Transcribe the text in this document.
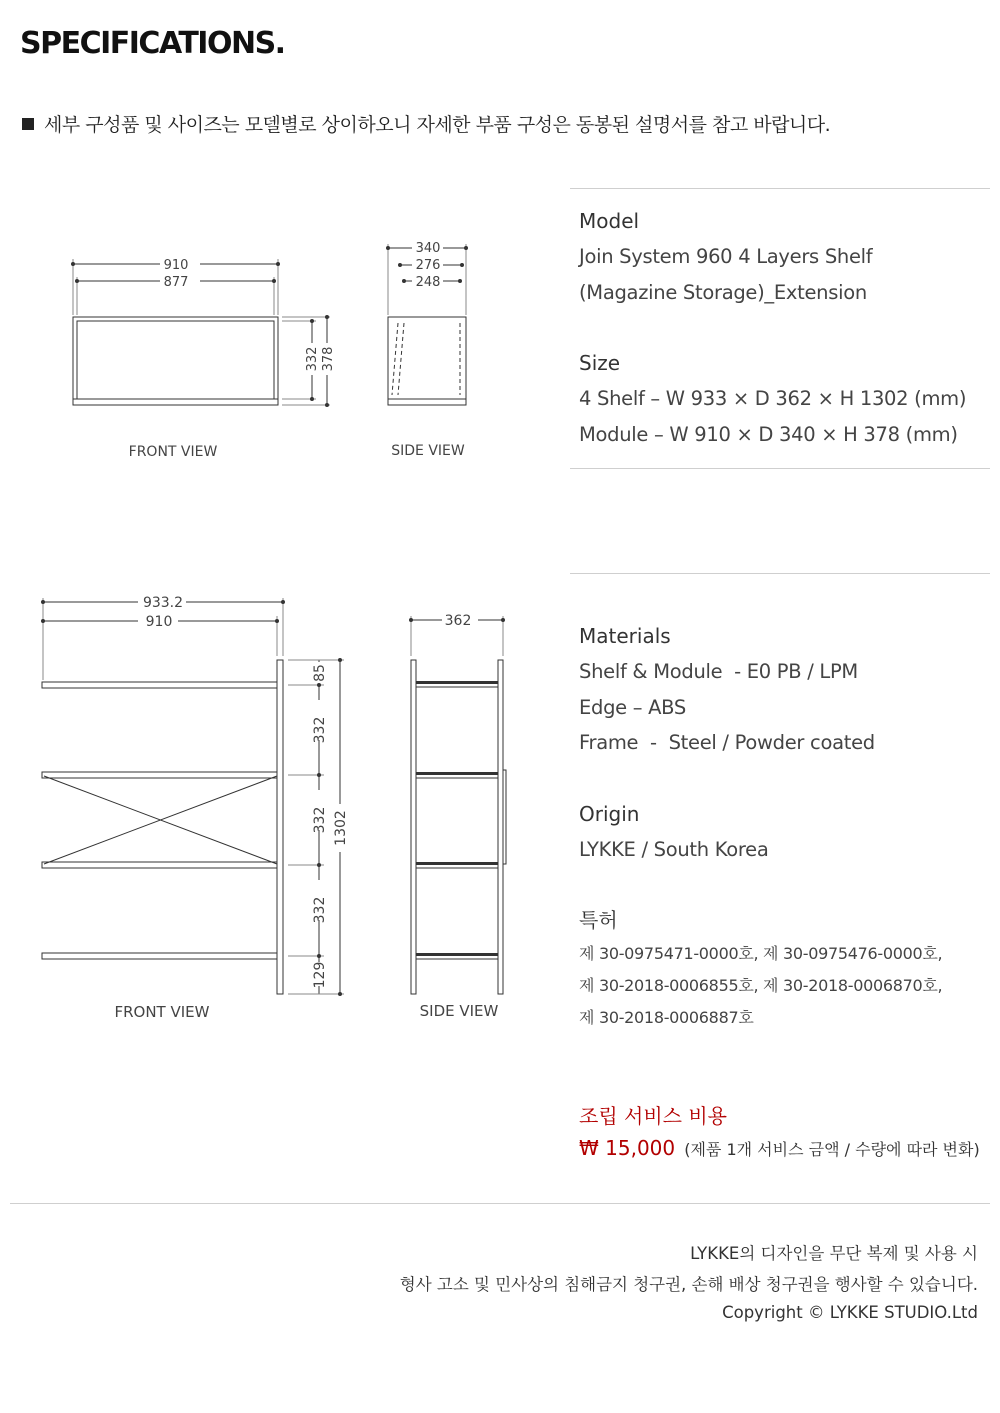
SPECIFICATIONS.
세부 구성품 및 사이즈는 모델별로 상이하오니 자세한 부품 구성은 동봉된 설명서를 참고 바랍니다.
910
877
332 378
340
276
248
FRONT VIEW	SIDE VIEW
933.2
910	362
85
332
332
332
129
1302
FRONT VIEW	SIDE VIEW
Model
Join System 960 4 Layers Shelf
(Magazine Storage)_Extension
Size
4 Shelf – W 933 × D 362 × H 1302 (mm)
Module – W 910 × D 340 × H 378 (mm)
Materials
Shelf & Module  - E0 PB / LPM
Edge – ABS
Frame  -  Steel / Powder coated
Origin
LYKKE / South Korea
특허
제 30-0975471-0000호, 제 30-0975476-0000호,
제 30-2018-0006855호, 제 30-2018-0006870호,
제 30-2018-0006887호
조립 서비스 비용
₩ 15,000 (제품 1개 서비스 금액 / 수량에 따라 변화)
LYKKE의 디자인을 무단 복제 및 사용 시
형사 고소 및 민사상의 침해금지 청구권, 손해 배상 청구권을 행사할 수 있습니다.
Copyright © LYKKE STUDIO.Ltd
